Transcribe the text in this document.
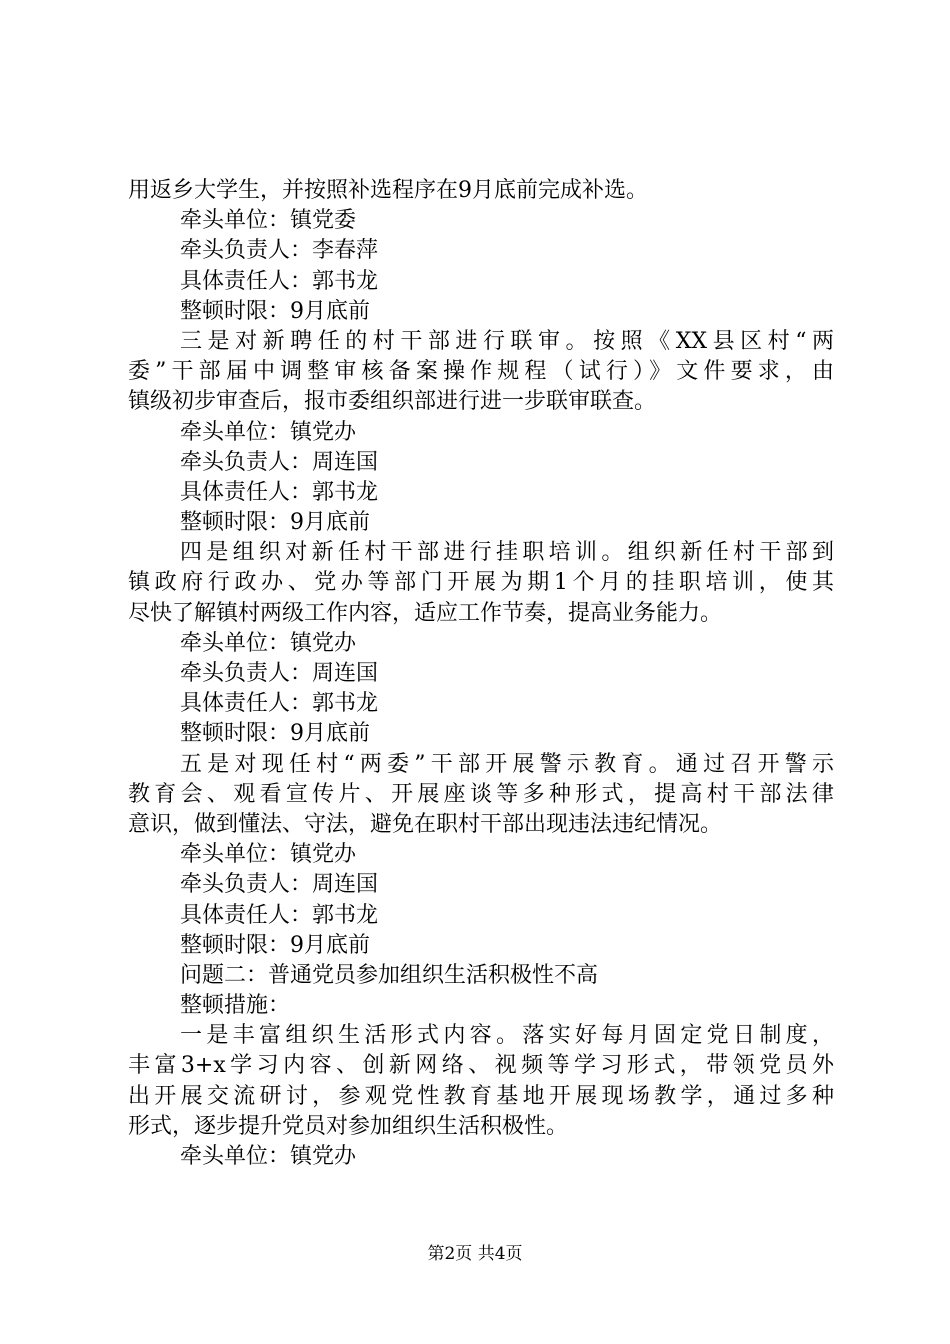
用返乡大学生，并按照补选程序在9月底前完成补选。
牵头单位：镇党委
牵头负责人：李春萍
具体责任人：郭书龙
整顿时限：9月底前
三是对新聘任的村干部进行联审。按照《XX县区村“两
委”干部届中调整审核备案操作规程（试行）》文件要求，由
镇级初步审查后，报市委组织部进行进一步联审联查。
牵头单位：镇党办
牵头负责人：周连国
具体责任人：郭书龙
整顿时限：9月底前
四是组织对新任村干部进行挂职培训。组织新任村干部到
镇政府行政办、党办等部门开展为期1个月的挂职培训，使其
尽快了解镇村两级工作内容，适应工作节奏，提高业务能力。
牵头单位：镇党办
牵头负责人：周连国
具体责任人：郭书龙
整顿时限：9月底前
五是对现任村“两委”干部开展警示教育。通过召开警示
教育会、观看宣传片、开展座谈等多种形式，提高村干部法律
意识，做到懂法、守法，避免在职村干部出现违法违纪情况。
牵头单位：镇党办
牵头负责人：周连国
具体责任人：郭书龙
整顿时限：9月底前
问题二：普通党员参加组织生活积极性不高
整顿措施：
一是丰富组织生活形式内容。落实好每月固定党日制度，
丰富3+x学习内容、创新网络、视频等学习形式，带领党员外
出开展交流研讨，参观党性教育基地开展现场教学，通过多种
形式，逐步提升党员对参加组织生活积极性。
牵头单位：镇党办
第2页 共4页
